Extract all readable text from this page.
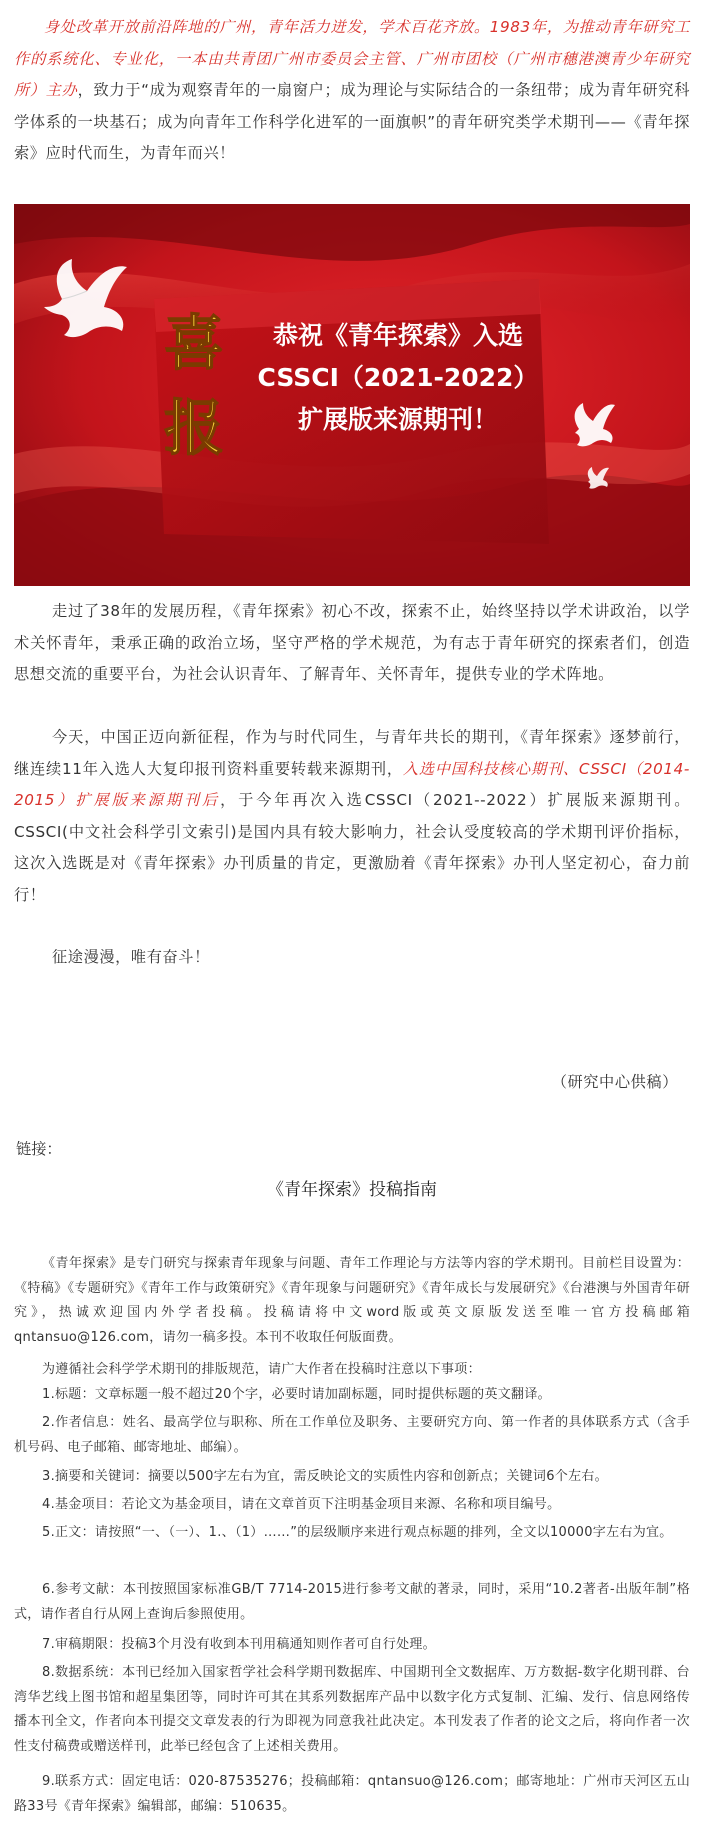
身处改革开放前沿阵地的广州，青年活力迸发，学术百花齐放。1983年，为推动青年研究工作的系统化、专业化，一本由共青团广州市委员会主管、广州市团校（广州市穗港澳青少年研究所）主办，致力于“成为观察青年的一扇窗户；成为理论与实际结合的一条纽带；成为青年研究科学体系的一块基石；成为向青年工作科学化进军的一面旗帜”的青年研究类学术期刊——《青年探索》应时代而生，为青年而兴！

喜
报
恭祝《青年探索》入选
CSSCI（2021-2022）
扩展版来源期刊！

走过了38年的发展历程，《青年探索》初心不改，探索不止，始终坚持以学术讲政治，以学术关怀青年，秉承正确的政治立场，坚守严格的学术规范，为有志于青年研究的探索者们，创造思想交流的重要平台，为社会认识青年、了解青年、关怀青年，提供专业的学术阵地。

今天，中国正迈向新征程，作为与时代同生，与青年共长的期刊，《青年探索》逐梦前行，继连续11年入选人大复印报刊资料重要转载来源期刊，入选中国科技核心期刊、CSSCI（2014-2015）扩展版来源期刊后，于今年再次入选CSSCI（2021--2022）扩展版来源期刊。CSSCI(中文社会科学引文索引)是国内具有较大影响力，社会认受度较高的学术期刊评价指标，这次入选既是对《青年探索》办刊质量的肯定，更激励着《青年探索》办刊人坚定初心，奋力前行！

征途漫漫，唯有奋斗！

（研究中心供稿）
链接：
《青年探索》投稿指南

《青年探索》是专门研究与探索青年现象与问题、青年工作理论与方法等内容的学术期刊。目前栏目设置为：《特稿》《专题研究》《青年工作与政策研究》《青年现象与问题研究》《青年成长与发展研究》《台港澳与外国青年研究》，热诚欢迎国内外学者投稿。投稿请将中文word版或英文原版发送至唯一官方投稿邮箱qntansuo@126.com，请勿一稿多投。本刊不收取任何版面费。

为遵循社会科学学术期刊的排版规范，请广大作者在投稿时注意以下事项：

1.标题：文章标题一般不超过20个字，必要时请加副标题，同时提供标题的英文翻译。

2.作者信息：姓名、最高学位与职称、所在工作单位及职务、主要研究方向、第一作者的具体联系方式（含手机号码、电子邮箱、邮寄地址、邮编）。

3.摘要和关键词：摘要以500字左右为宜，需反映论文的实质性内容和创新点；关键词6个左右。

4.基金项目：若论文为基金项目，请在文章首页下注明基金项目来源、名称和项目编号。

5.正文：请按照“一、（一）、1.、（1）……”的层级顺序来进行观点标题的排列，全文以10000字左右为宜。

6.参考文献：本刊按照国家标准GB/T 7714-2015进行参考文献的著录，同时，采用“10.2著者-出版年制”格式，请作者自行从网上查询后参照使用。

7.审稿期限：投稿3个月没有收到本刊用稿通知则作者可自行处理。

8.数据系统：本刊已经加入国家哲学社会科学期刊数据库、中国期刊全文数据库、万方数据-数字化期刊群、台湾华艺线上图书馆和超星集团等，同时许可其在其系列数据库产品中以数字化方式复制、汇编、发行、信息网络传播本刊全文，作者向本刊提交文章发表的行为即视为同意我社此决定。本刊发表了作者的论文之后，将向作者一次性支付稿费或赠送样刊，此举已经包含了上述相关费用。

9.联系方式：固定电话：020-87535276；投稿邮箱：qntansuo@126.com；邮寄地址：广州市天河区五山路33号《青年探索》编辑部，邮编：510635。
